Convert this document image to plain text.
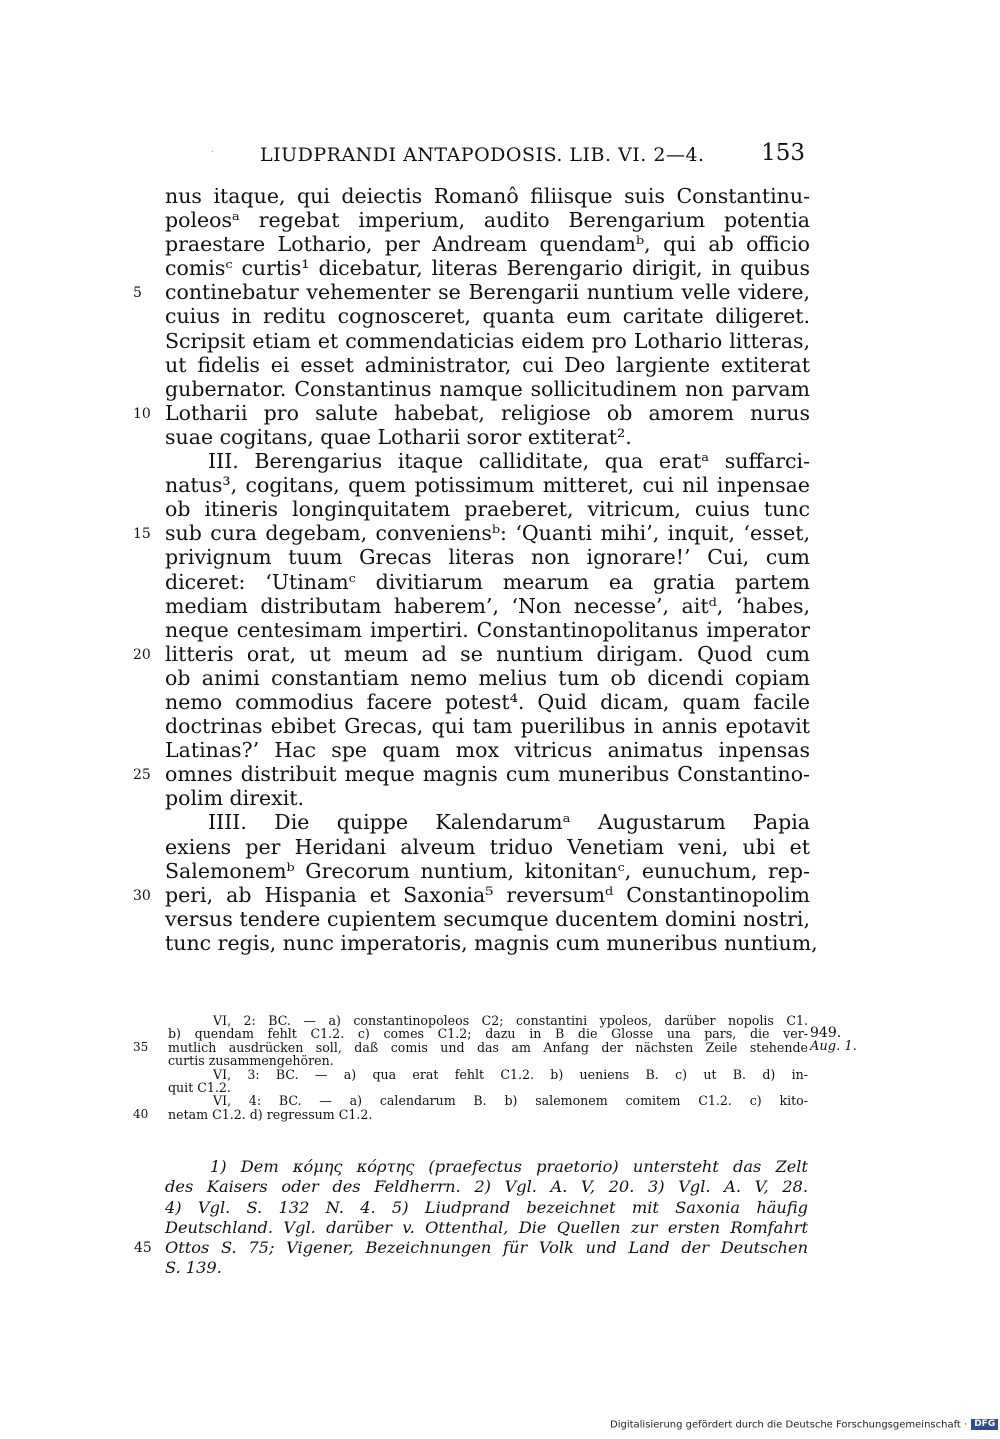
LIUDPRANDI ANTAPODOSIS. LIB. VI. 2—4. 153
949.
Aug. 1.
nus itaque, qui deiectis Romanô filiisque suis Constantinu-
poleosᵃ regebat imperium, audito Berengarium potentia
praestare Lothario, per Andream quendamᵇ, qui ab officio
comisᶜ curtis¹ dicebatur, literas Berengario dirigit, in quibus
5	continebatur vehementer se Berengarii nuntium velle videre,
cuius in reditu cognosceret, quanta eum caritate diligeret.
Scripsit etiam et commendaticias eidem pro Lothario litteras,
ut fidelis ei esset administrator, cui Deo largiente extiterat
gubernator. Constantinus namque sollicitudinem non parvam
10 Lotharii pro salute habebat, religiose ob amorem nurus
suae cogitans, quae Lotharii soror extiterat².
III. Berengarius itaque calliditate, qua eratᵃ suffarci-
natus³, cogitans, quem potissimum mitteret, cui nil inpensae
ob itineris longinquitatem praeberet, vitricum, cuius tunc
15 sub cura degebam, conveniensᵇ: ‘Quanti mihi’, inquit, ‘esset,
privignum tuum Grecas literas non ignorare!’ Cui, cum
diceret: ‘Utinamᶜ divitiarum mearum ea gratia partem
mediam distributam haberem’, ‘Non necesse’, aitᵈ, ‘habes,
neque centesimam impertiri. Constantinopolitanus imperator
20 litteris orat, ut meum ad se nuntium dirigam. Quod cum
ob animi constantiam nemo melius tum ob dicendi copiam
nemo commodius facere potest⁴. Quid dicam, quam facile
doctrinas ebibet Grecas, qui tam puerilibus in annis epotavit
Latinas?’ Hac spe quam mox vitricus animatus inpensas
25 omnes distribuit meque magnis cum muneribus Constantino-
polim direxit.
IIII. Die quippe Kalendarumᵃ Augustarum Papia
exiens per Heridani alveum triduo Venetiam veni, ubi et
Salemonemᵇ Grecorum nuntium, kitonitanᶜ, eunuchum, rep-
30 peri, ab Hispania et Saxonia⁵ reversumᵈ Constantinopolim
versus tendere cupientem secumque ducentem domini nostri,
tunc regis, nunc imperatoris, magnis cum muneribus nuntium,
VI, 2: BC. — a) constantinopoleos C2; constantini ypoleos, darüber nopolis C1.
b) quendam fehlt C1.2. c) comes C1.2; dazu in B die Glosse una pars, die ver-
35	mutlich ausdrücken soll, daß comis und das am Anfang der nächsten Zeile stehende
curtis zusammengehören.
VI, 3: BC. — a) qua erat fehlt C1.2. b) ueniens B. c) ut B. d) in-
quit C1.2.
VI, 4: BC. — a) calendarum B. b) salemonem comitem C1.2. c) kito-
40	netam C1.2. d) regressum C1.2.
1) Dem κόμης κόρτης (praefectus praetorio) untersteht das Zelt
des Kaisers oder des Feldherrn. 2) Vgl. A. V, 20. 3) Vgl. A. V, 28.
4) Vgl. S. 132 N. 4. 5) Liudprand bezeichnet mit Saxonia häufig
Deutschland. Vgl. darüber v. Ottenthal, Die Quellen zur ersten Romfahrt
45 Ottos S. 75; Vigener, Bezeichnungen für Volk und Land der Deutschen
S. 139.
Digitalisierung gefördert durch die Deutsche Forschungsgemeinschaft · DFG
